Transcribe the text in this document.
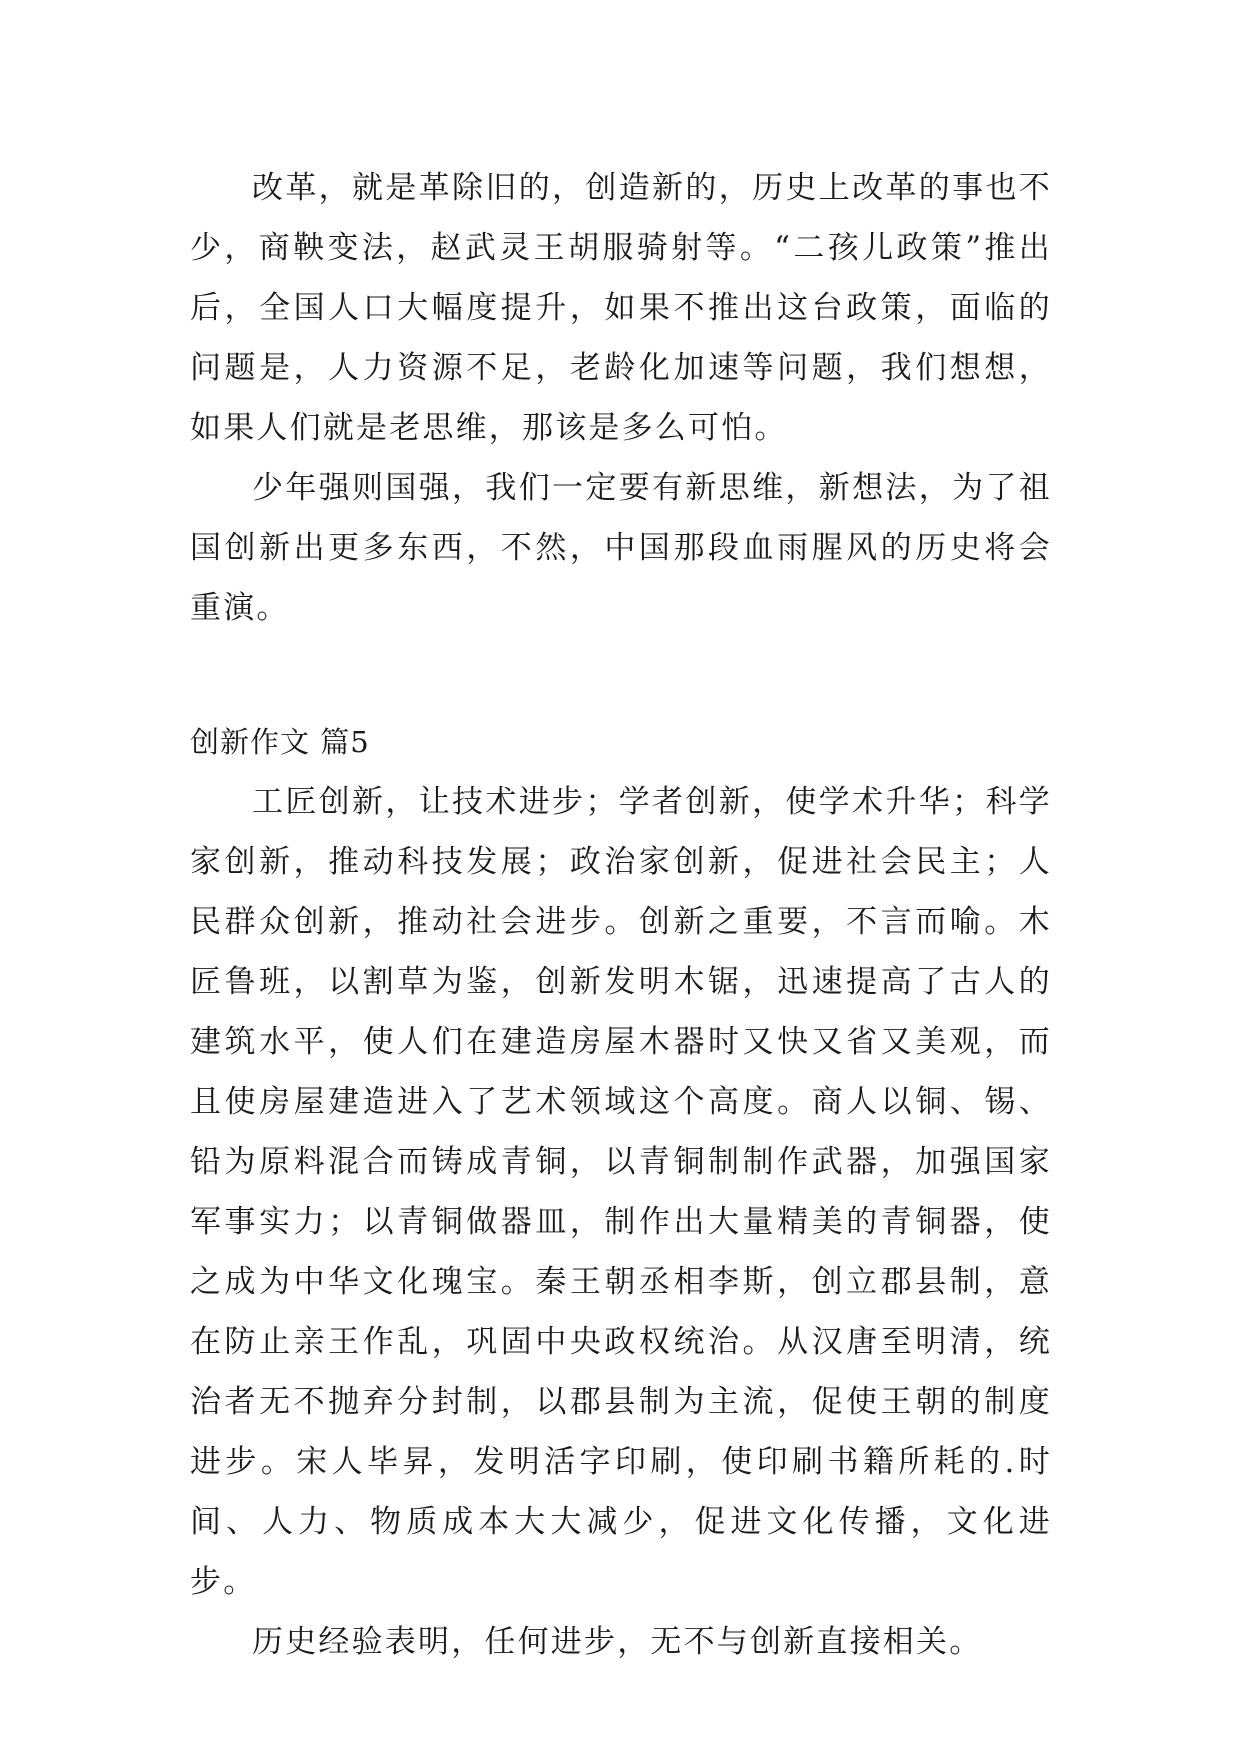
改革，就是革除旧的，创造新的，历史上改革的事也不少，商鞅变法，赵武灵王胡服骑射等。“二孩儿政策”推出后，全国人口大幅度提升，如果不推出这台政策，面临的问题是，人力资源不足，老龄化加速等问题，我们想想，如果人们就是老思维，那该是多么可怕。

少年强则国强，我们一定要有新思维，新想法，为了祖国创新出更多东西，不然，中国那段血雨腥风的历史将会重演。

创新作文 篇5

工匠创新，让技术进步；学者创新，使学术升华；科学家创新，推动科技发展；政治家创新，促进社会民主；人民群众创新，推动社会进步。创新之重要，不言而喻。木匠鲁班，以割草为鉴，创新发明木锯，迅速提高了古人的建筑水平，使人们在建造房屋木器时又快又省又美观，而且使房屋建造进入了艺术领域这个高度。商人以铜、锡、铅为原料混合而铸成青铜，以青铜制制作武器，加强国家军事实力；以青铜做器皿，制作出大量精美的青铜器，使之成为中华文化瑰宝。秦王朝丞相李斯，创立郡县制，意在防止亲王作乱，巩固中央政权统治。从汉唐至明清，统治者无不抛弃分封制，以郡县制为主流，促使王朝的制度进步。宋人毕昇，发明活字印刷，使印刷书籍所耗的.时间、人力、物质成本大大减少，促进文化传播，文化进步。

历史经验表明，任何进步，无不与创新直接相关。
